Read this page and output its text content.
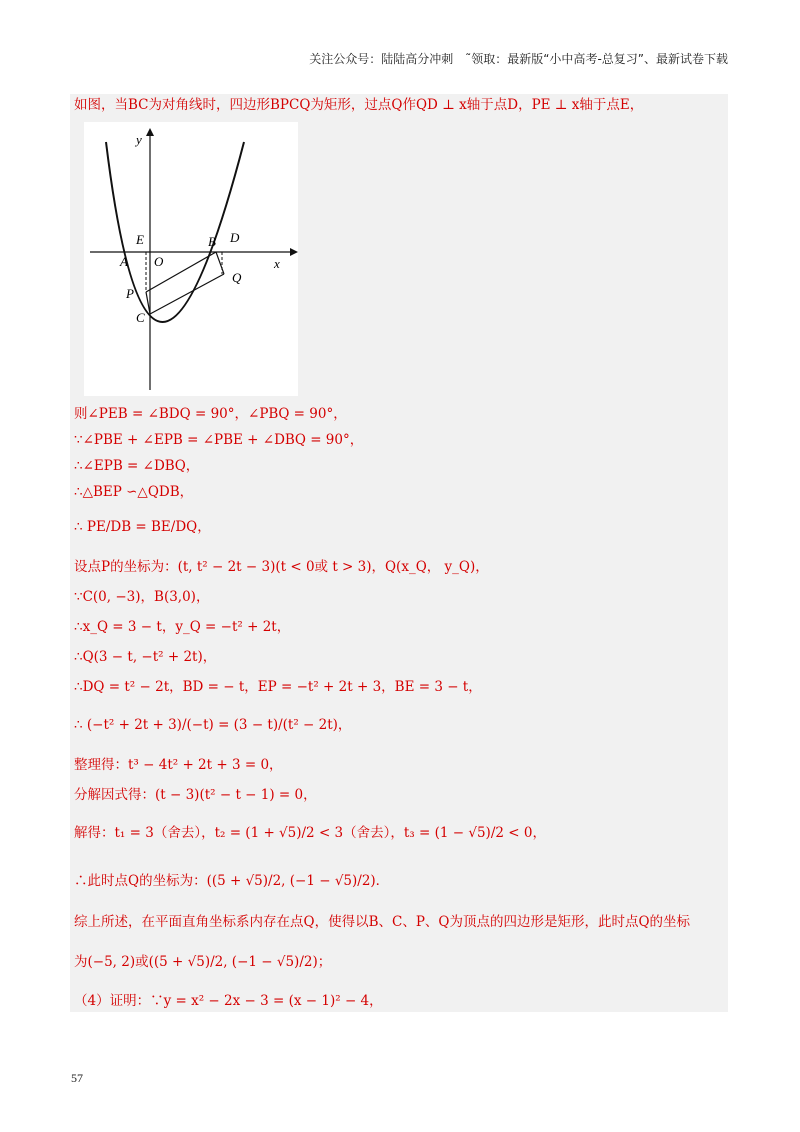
关注公众号：陆陆高分冲刺　˜领取：最新版“小中高考-总复习”、最新试卷下载
如图，当BC为对角线时，四边形BPCQ为矩形，过点Q作QD ⊥ x轴于点D，PE ⊥ x轴于点E，
y
x
E	B D
A O
P
Q
C
则∠PEB = ∠BDQ = 90°，∠PBQ = 90°，
∵∠PBE + ∠EPB = ∠PBE + ∠DBQ = 90°，
∴∠EPB = ∠DBQ，
∴△BEP ∽△QDB，
∴ PE/DB = BE/DQ，
设点P的坐标为：(t, t² − 2t − 3)(t < 0或 t > 3)，Q(x_Q， y_Q)，
∵C(0, −3)，B(3,0)，
∴x_Q = 3 − t，y_Q = −t² + 2t，
∴Q(3 − t, −t² + 2t)，
∴DQ = t² − 2t，BD = − t，EP = −t² + 2t + 3，BE = 3 − t，
∴ (−t² + 2t + 3)/(−t) = (3 − t)/(t² − 2t)，
整理得：t³ − 4t² + 2t + 3 = 0，
分解因式得：(t − 3)(t² − t − 1) = 0，
解得：t₁ = 3（舍去），t₂ = (1 + √5)/2 < 3（舍去），t₃ = (1 − √5)/2 < 0，
∴此时点Q的坐标为：((5 + √5)/2, (−1 − √5)/2)．
综上所述，在平面直角坐标系内存在点Q，使得以B、C、P、Q为顶点的四边形是矩形，此时点Q的坐标
为(−5, 2)或((5 + √5)/2, (−1 − √5)/2)；
（4）证明：∵y = x² − 2x − 3 = (x − 1)² − 4，
57
